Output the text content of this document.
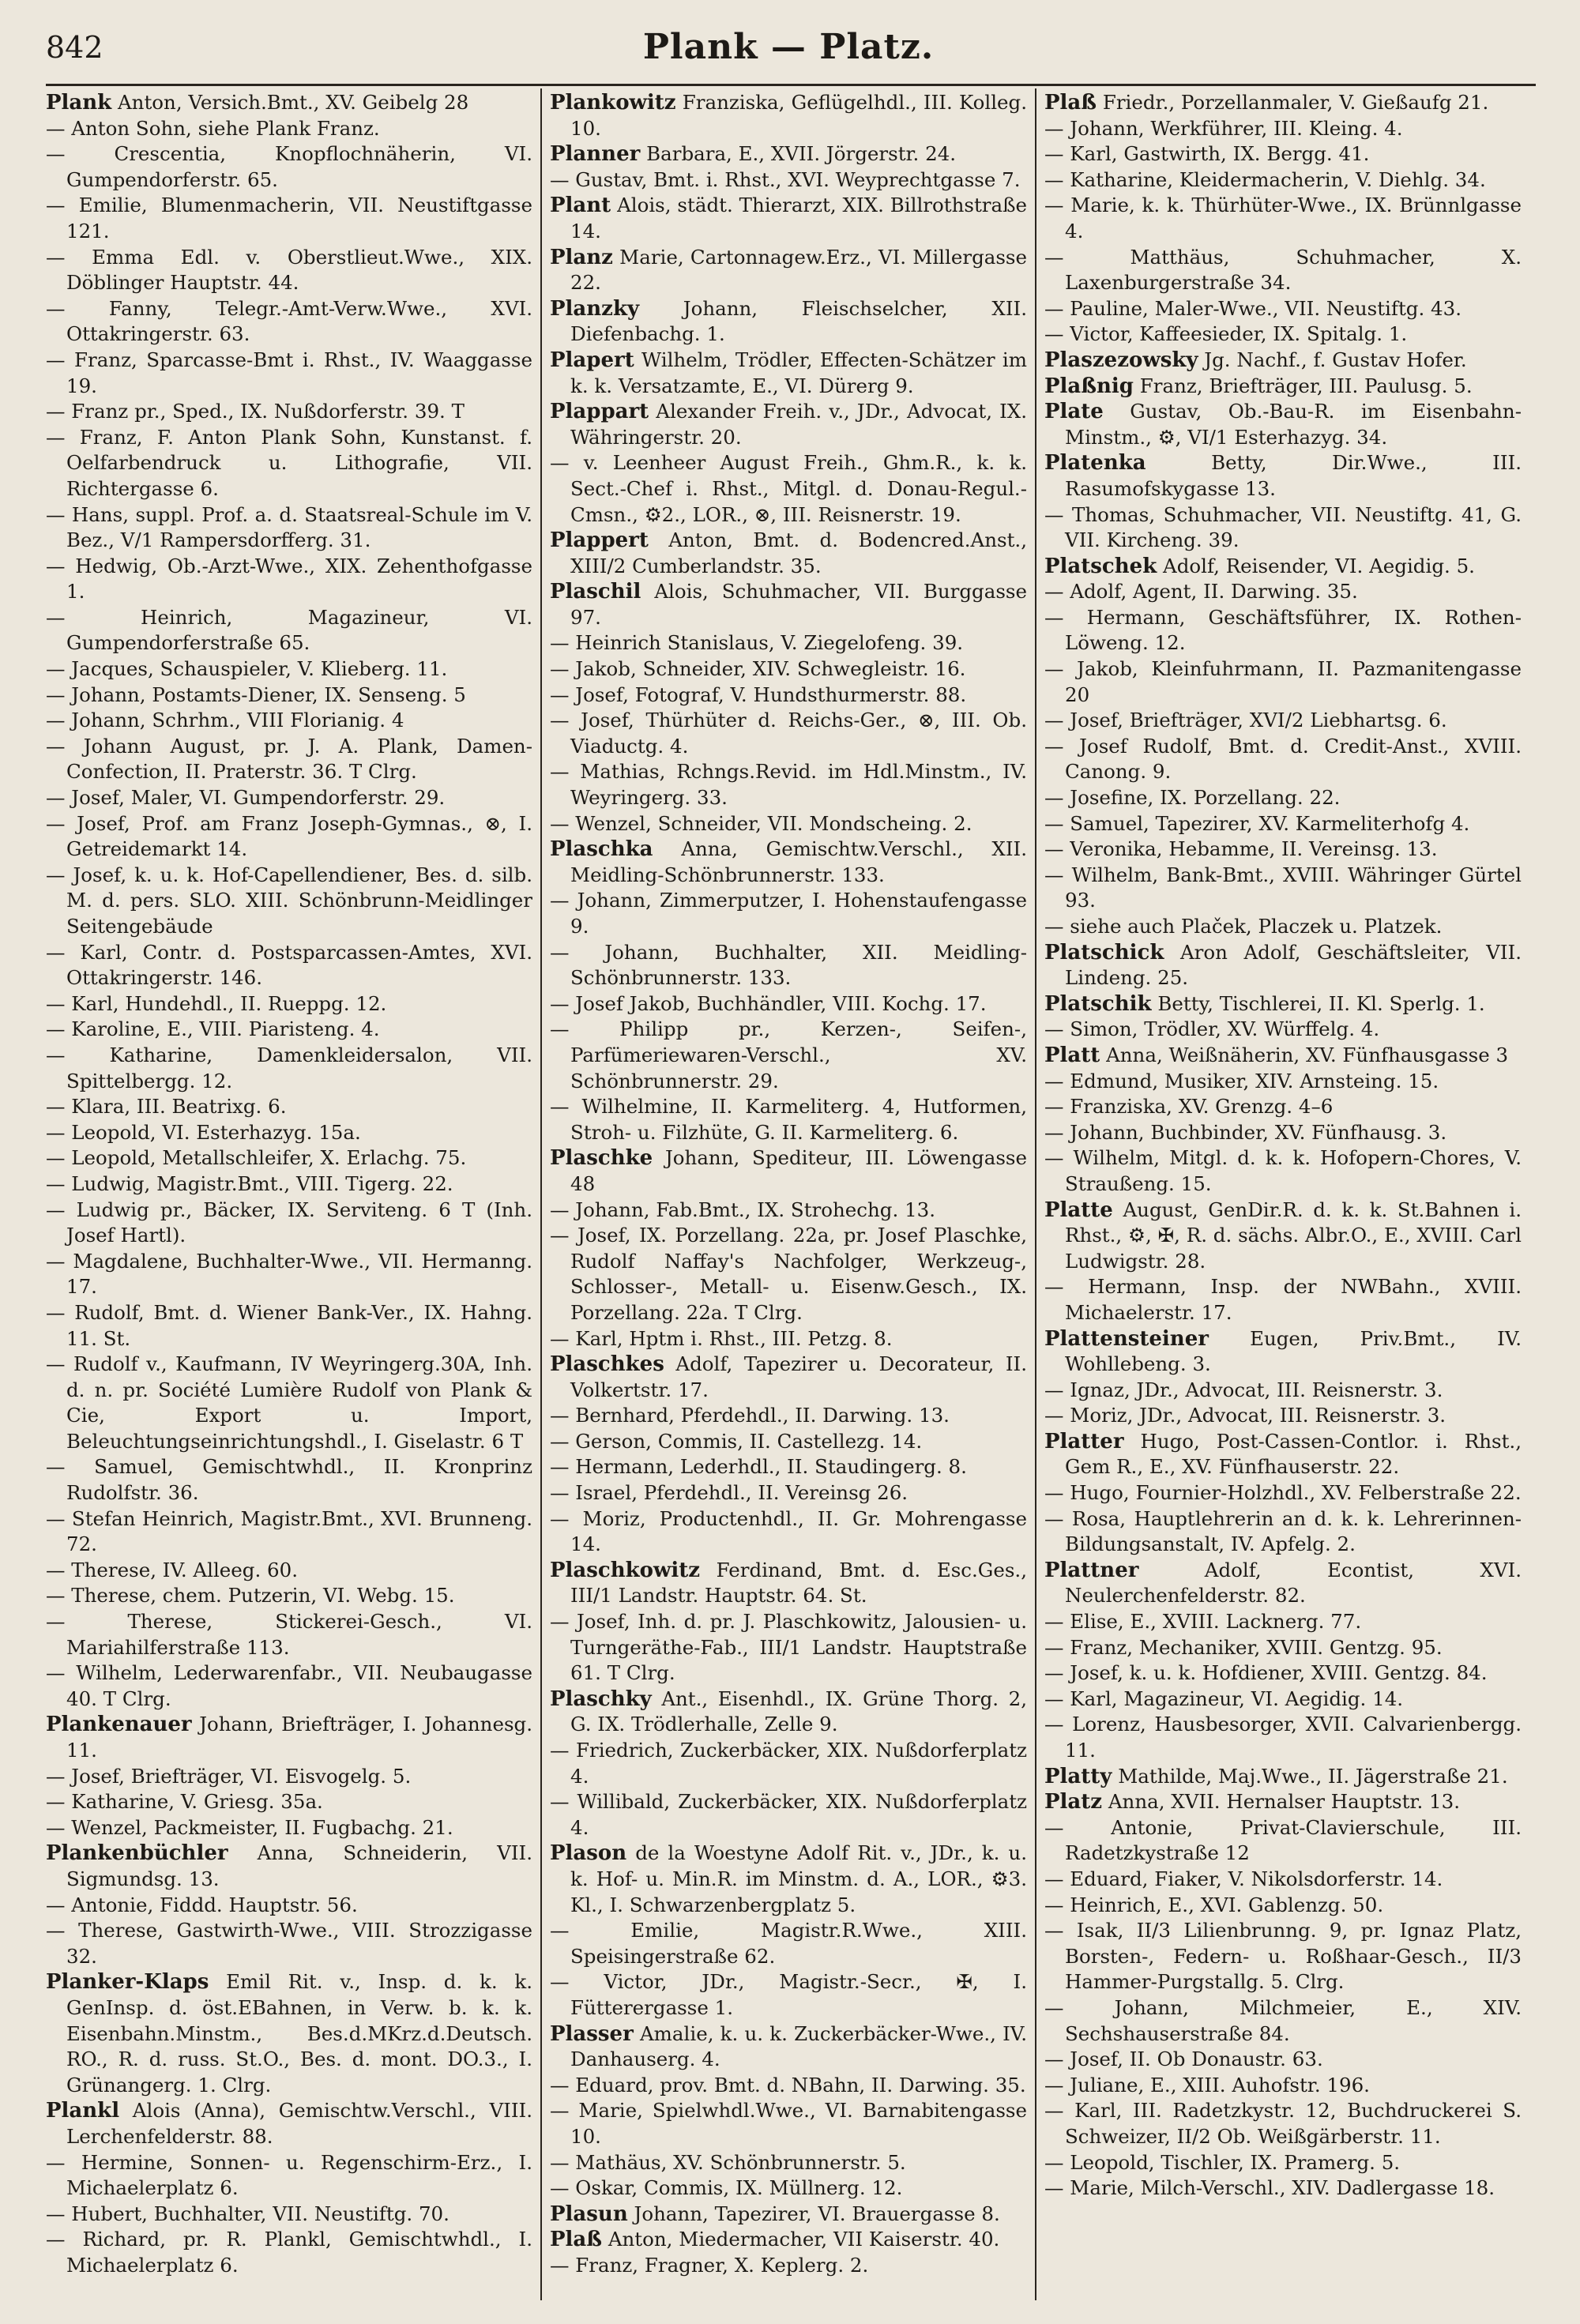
842	Plank — Platz.

Plank Anton, Versich.Bmt., XV. Geibelg 28

— Anton Sohn, siehe Plank Franz.

— Crescentia, Knopflochnäherin, VI. Gumpendorferstr. 65.

— Emilie, Blumenmacherin, VII. Neustiftgasse 121.

— Emma Edl. v. Oberstlieut.Wwe., XIX. Döblinger Hauptstr. 44.

— Fanny, Telegr.-Amt-Verw.Wwe., XVI. Ottakringerstr. 63.

— Franz, Sparcasse-Bmt i. Rhst., IV. Waaggasse 19.

— Franz pr., Sped., IX. Nußdorferstr. 39. T

— Franz, F. Anton Plank Sohn, Kunstanst. f. Oelfarbendruck u. Lithografie, VII. Richtergasse 6.

— Hans, suppl. Prof. a. d. Staatsreal-Schule im V. Bez., V/1 Rampersdorfferg. 31.

— Hedwig, Ob.-Arzt-Wwe., XIX. Zehenthofgasse 1.

— Heinrich, Magazineur, VI. Gumpendorferstraße 65.

— Jacques, Schauspieler, V. Klieberg. 11.

— Johann, Postamts-Diener, IX. Senseng. 5

— Johann, Schrhm., VIII Florianig. 4

— Johann August, pr. J. A. Plank, Damen-Confection, II. Praterstr. 36. T Clrg.

— Josef, Maler, VI. Gumpendorferstr. 29.

— Josef, Prof. am Franz Joseph-Gymnas., ⊗, I. Getreidemarkt 14.

— Josef, k. u. k. Hof-Capellendiener, Bes. d. silb. M. d. pers. SLO. XIII. Schönbrunn-Meidlinger Seitengebäude

— Karl, Contr. d. Postsparcassen-Amtes, XVI. Ottakringerstr. 146.

— Karl, Hundehdl., II. Rueppg. 12.

— Karoline, E., VIII. Piaristeng. 4.

— Katharine, Damenkleidersalon, VII. Spittelbergg. 12.

— Klara, III. Beatrixg. 6.

— Leopold, VI. Esterhazyg. 15a.

— Leopold, Metallschleifer, X. Erlachg. 75.

— Ludwig, Magistr.Bmt., VIII. Tigerg. 22.

— Ludwig pr., Bäcker, IX. Serviteng. 6 T (Inh. Josef Hartl).

— Magdalene, Buchhalter-Wwe., VII. Hermanng. 17.

— Rudolf, Bmt. d. Wiener Bank-Ver., IX. Hahng. 11. St.

— Rudolf v., Kaufmann, IV Weyringerg.30A, Inh. d. n. pr. Société Lumière Rudolf von Plank & Cie, Export u. Import, Beleuchtungseinrichtungshdl., I. Giselastr. 6 T

— Samuel, Gemischtwhdl., II. Kronprinz Rudolfstr. 36.

— Stefan Heinrich, Magistr.Bmt., XVI. Brunneng. 72.

— Therese, IV. Alleeg. 60.

— Therese, chem. Putzerin, VI. Webg. 15.

— Therese, Stickerei-Gesch., VI. Mariahilferstraße 113.

— Wilhelm, Lederwarenfabr., VII. Neubaugasse 40. T Clrg.

Plankenauer Johann, Briefträger, I. Johannesg. 11.

— Josef, Briefträger, VI. Eisvogelg. 5.

— Katharine, V. Griesg. 35a.

— Wenzel, Packmeister, II. Fugbachg. 21.

Plankenbüchler Anna, Schneiderin, VII. Sigmundsg. 13.

— Antonie, Fiddd. Hauptstr. 56.

— Therese, Gastwirth-Wwe., VIII. Strozzigasse 32.

Planker-Klaps Emil Rit. v., Insp. d. k. k. GenInsp. d. öst.EBahnen, in Verw. b. k. k. Eisenbahn.Minstm., Bes.d.MKrz.d.Deutsch. RO., R. d. russ. St.O., Bes. d. mont. DO.3., I. Grünangerg. 1. Clrg.

Plankl Alois (Anna), Gemischtw.Verschl., VIII. Lerchenfelderstr. 88.

— Hermine, Sonnen- u. Regenschirm-Erz., I. Michaelerplatz 6.

— Hubert, Buchhalter, VII. Neustiftg. 70.

— Richard, pr. R. Plankl, Gemischtwhdl., I. Michaelerplatz 6.

Plankowitz Franziska, Geflügelhdl., III. Kolleg. 10.

Planner Barbara, E., XVII. Jörgerstr. 24.

— Gustav, Bmt. i. Rhst., XVI. Weyprechtgasse 7.

Plant Alois, städt. Thierarzt, XIX. Billrothstraße 14.

Planz Marie, Cartonnagew.Erz., VI. Millergasse 22.

Planzky Johann, Fleischselcher, XII. Diefenbachg. 1.

Plapert Wilhelm, Trödler, Effecten-Schätzer im k. k. Versatzamte, E., VI. Dürerg 9.

Plappart Alexander Freih. v., JDr., Advocat, IX. Währingerstr. 20.

— v. Leenheer August Freih., Ghm.R., k. k. Sect.-Chef i. Rhst., Mitgl. d. Donau-Regul.-Cmsn., ⚙2., LOR., ⊗, III. Reisnerstr. 19.

Plappert Anton, Bmt. d. Bodencred.Anst., XIII/2 Cumberlandstr. 35.

Plaschil Alois, Schuhmacher, VII. Burggasse 97.

— Heinrich Stanislaus, V. Ziegelofeng. 39.

— Jakob, Schneider, XIV. Schwegleistr. 16.

— Josef, Fotograf, V. Hundsthurmerstr. 88.

— Josef, Thürhüter d. Reichs-Ger., ⊗, III. Ob. Viaductg. 4.

— Mathias, Rchngs.Revid. im Hdl.Minstm., IV. Weyringerg. 33.

— Wenzel, Schneider, VII. Mondscheing. 2.

Plaschka Anna, Gemischtw.Verschl., XII. Meidling-Schönbrunnerstr. 133.

— Johann, Zimmerputzer, I. Hohenstaufengasse 9.

— Johann, Buchhalter, XII. Meidling-Schönbrunnerstr. 133.

— Josef Jakob, Buchhändler, VIII. Kochg. 17.

— Philipp pr., Kerzen-, Seifen-, Parfümeriewaren-Verschl., XV. Schönbrunnerstr. 29.

— Wilhelmine, II. Karmeliterg. 4, Hutformen, Stroh- u. Filzhüte, G. II. Karmeliterg. 6.

Plaschke Johann, Spediteur, III. Löwengasse 48

— Johann, Fab.Bmt., IX. Strohechg. 13.

— Josef, IX. Porzellang. 22a, pr. Josef Plaschke, Rudolf Naffay's Nachfolger, Werkzeug-, Schlosser-, Metall- u. Eisenw.Gesch., IX. Porzellang. 22a. T Clrg.

— Karl, Hptm i. Rhst., III. Petzg. 8.

Plaschkes Adolf, Tapezirer u. Decorateur, II. Volkertstr. 17.

— Bernhard, Pferdehdl., II. Darwing. 13.

— Gerson, Commis, II. Castellezg. 14.

— Hermann, Lederhdl., II. Staudingerg. 8.

— Israel, Pferdehdl., II. Vereinsg 26.

— Moriz, Productenhdl., II. Gr. Mohrengasse 14.

Plaschkowitz Ferdinand, Bmt. d. Esc.Ges., III/1 Landstr. Hauptstr. 64. St.

— Josef, Inh. d. pr. J. Plaschkowitz, Jalousien- u. Turngeräthe-Fab., III/1 Landstr. Hauptstraße 61. T Clrg.

Plaschky Ant., Eisenhdl., IX. Grüne Thorg. 2, G. IX. Trödlerhalle, Zelle 9.

— Friedrich, Zuckerbäcker, XIX. Nußdorferplatz 4.

— Willibald, Zuckerbäcker, XIX. Nußdorferplatz 4.

Plason de la Woestyne Adolf Rit. v., JDr., k. u. k. Hof- u. Min.R. im Minstm. d. A., LOR., ⚙3. Kl., I. Schwarzenbergplatz 5.

— Emilie, Magistr.R.Wwe., XIII. Speisingerstraße 62.

— Victor, JDr., Magistr.-Secr., ✠, I. Fütterergasse 1.

Plasser Amalie, k. u. k. Zuckerbäcker-Wwe., IV. Danhauserg. 4.

— Eduard, prov. Bmt. d. NBahn, II. Darwing. 35.

— Marie, Spielwhdl.Wwe., VI. Barnabitengasse 10.

— Mathäus, XV. Schönbrunnerstr. 5.

— Oskar, Commis, IX. Müllnerg. 12.

Plasun Johann, Tapezirer, VI. Brauergasse 8.

Plaß Anton, Miedermacher, VII Kaiserstr. 40.

— Franz, Fragner, X. Keplerg. 2.

Plaß Friedr., Porzellanmaler, V. Gießaufg 21.

— Johann, Werkführer, III. Kleing. 4.

— Karl, Gastwirth, IX. Bergg. 41.

— Katharine, Kleidermacherin, V. Diehlg. 34.

— Marie, k. k. Thürhüter-Wwe., IX. Brünnlgasse 4.

— Matthäus, Schuhmacher, X. Laxenburgerstraße 34.

— Pauline, Maler-Wwe., VII. Neustiftg. 43.

— Victor, Kaffeesieder, IX. Spitalg. 1.

Plaszezowsky Jg. Nachf., f. Gustav Hofer.

Plaßnig Franz, Briefträger, III. Paulusg. 5.

Plate Gustav, Ob.-Bau-R. im Eisenbahn-Minstm., ⚙, VI/1 Esterhazyg. 34.

Platenka Betty, Dir.Wwe., III. Rasumofskygasse 13.

— Thomas, Schuhmacher, VII. Neustiftg. 41, G. VII. Kircheng. 39.

Platschek Adolf, Reisender, VI. Aegidig. 5.

— Adolf, Agent, II. Darwing. 35.

— Hermann, Geschäftsführer, IX. Rothen-Löweng. 12.

— Jakob, Kleinfuhrmann, II. Pazmanitengasse 20

— Josef, Briefträger, XVI/2 Liebhartsg. 6.

— Josef Rudolf, Bmt. d. Credit-Anst., XVIII. Canong. 9.

— Josefine, IX. Porzellang. 22.

— Samuel, Tapezirer, XV. Karmeliterhofg 4.

— Veronika, Hebamme, II. Vereinsg. 13.

— Wilhelm, Bank-Bmt., XVIII. Währinger Gürtel 93.

— siehe auch Plaček, Placzek u. Platzek.

Platschick Aron Adolf, Geschäftsleiter, VII. Lindeng. 25.

Platschik Betty, Tischlerei, II. Kl. Sperlg. 1.

— Simon, Trödler, XV. Würffelg. 4.

Platt Anna, Weißnäherin, XV. Fünfhausgasse 3

— Edmund, Musiker, XIV. Arnsteing. 15.

— Franziska, XV. Grenzg. 4–6

— Johann, Buchbinder, XV. Fünfhausg. 3.

— Wilhelm, Mitgl. d. k. k. Hofopern-Chores, V. Straußeng. 15.

Platte August, GenDir.R. d. k. k. St.Bahnen i. Rhst., ⚙, ✠, R. d. sächs. Albr.O., E., XVIII. Carl Ludwigstr. 28.

— Hermann, Insp. der NWBahn., XVIII. Michaelerstr. 17.

Plattensteiner Eugen, Priv.Bmt., IV. Wohllebeng. 3.

— Ignaz, JDr., Advocat, III. Reisnerstr. 3.

— Moriz, JDr., Advocat, III. Reisnerstr. 3.

Platter Hugo, Post-Cassen-Contlor. i. Rhst., Gem R., E., XV. Fünfhauserstr. 22.

— Hugo, Fournier-Holzhdl., XV. Felberstraße 22.

— Rosa, Hauptlehrerin an d. k. k. Lehrerinnen-Bildungsanstalt, IV. Apfelg. 2.

Plattner Adolf, Econtist, XVI. Neulerchenfelderstr. 82.

— Elise, E., XVIII. Lacknerg. 77.

— Franz, Mechaniker, XVIII. Gentzg. 95.

— Josef, k. u. k. Hofdiener, XVIII. Gentzg. 84.

— Karl, Magazineur, VI. Aegidig. 14.

— Lorenz, Hausbesorger, XVII. Calvarienbergg. 11.

Platty Mathilde, Maj.Wwe., II. Jägerstraße 21.

Platz Anna, XVII. Hernalser Hauptstr. 13.

— Antonie, Privat-Clavierschule, III. Radetzkystraße 12

— Eduard, Fiaker, V. Nikolsdorferstr. 14.

— Heinrich, E., XVI. Gablenzg. 50.

— Isak, II/3 Lilienbrunng. 9, pr. Ignaz Platz, Borsten-, Federn- u. Roßhaar-Gesch., II/3 Hammer-Purgstallg. 5. Clrg.

— Johann, Milchmeier, E., XIV. Sechshauserstraße 84.

— Josef, II. Ob Donaustr. 63.

— Juliane, E., XIII. Auhofstr. 196.

— Karl, III. Radetzkystr. 12, Buchdruckerei S. Schweizer, II/2 Ob. Weißgärberstr. 11.

— Leopold, Tischler, IX. Pramerg. 5.

— Marie, Milch-Verschl., XIV. Dadlergasse 18.
